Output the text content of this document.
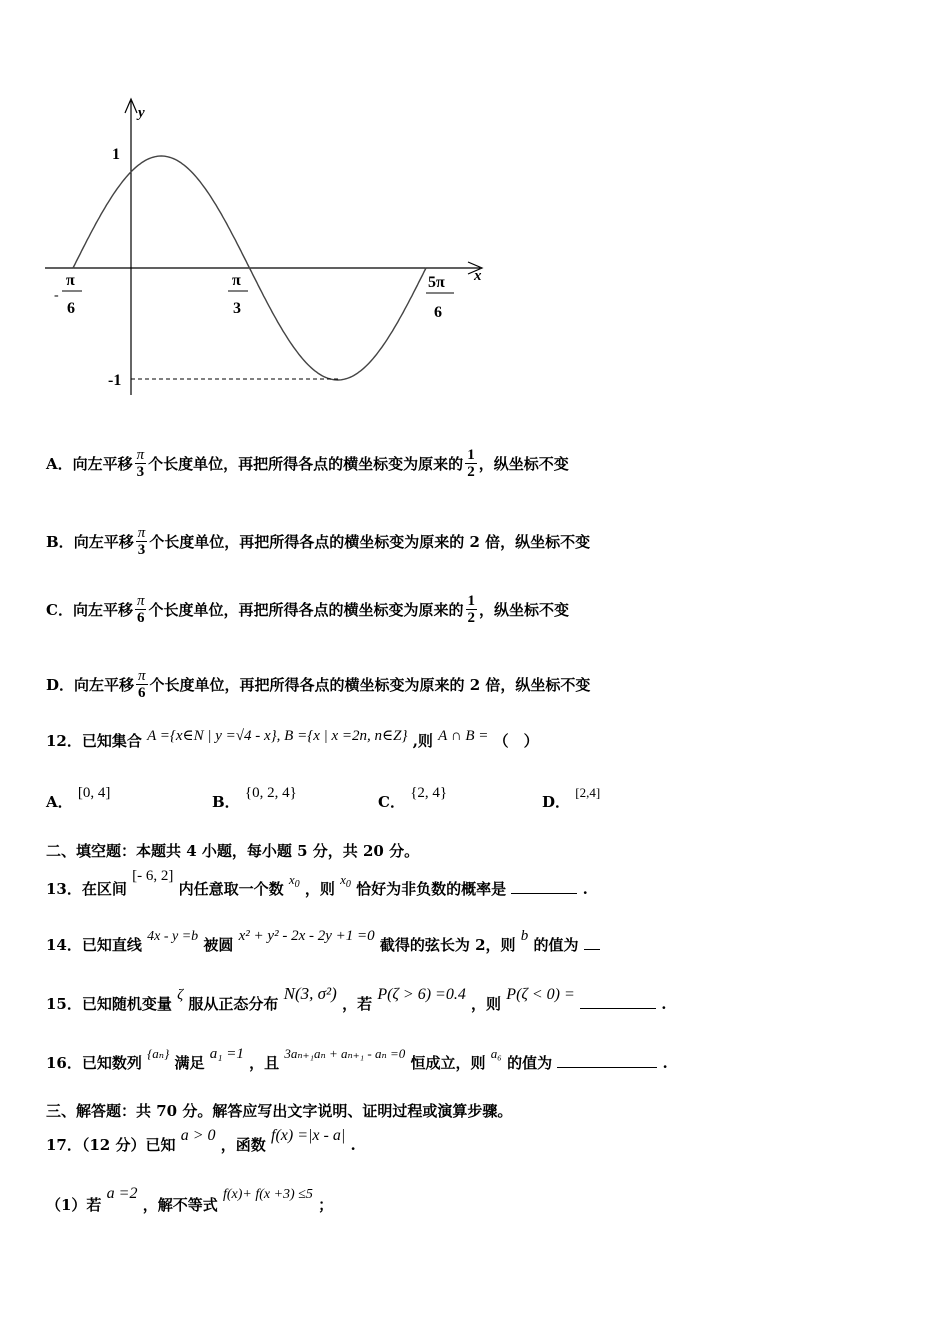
y
x
1
-1
-
π
6
π
3
5π
6
A． 向左平移 $\frac{\pi}{3}$ 个长度单位，再把所得各点的横坐标变为原来的 $\frac{1}{2}$ ，纵坐标不变
B． 向左平移 $\frac{\pi}{3}$ 个长度单位，再把所得各点的横坐标变为原来的 2 倍，纵坐标不变
C． 向左平移 $\frac{\pi}{6}$ 个长度单位，再把所得各点的横坐标变为原来的 $\frac{1}{2}$ ，纵坐标不变
D． 向左平移 $\frac{\pi}{6}$ 个长度单位，再把所得各点的横坐标变为原来的 2 倍，纵坐标不变
12．已知集合 A ={x∈N | y =√4 - x}, B ={x | x =2n, n∈Z} ,则 A ∩ B = （　）
A． [0, 4]	B． {0, 2, 4}	C． {2, 4}	D． [2,4]
二、填空题：本题共 4 小题，每小题 5 分，共 20 分。
13．在区间 [- 6, 2] 内任意取一个数 $x_0$ ，则 $x_0$ 恰好为非负数的概率是	.
14．已知直线 4x - y =b 被圆 x² + y² - 2x - 2y +1 =0 截得的弦长为 2，则 b 的值为
15．已知随机变量 ζ 服从正态分布 N(3, σ²) ，若 P(ζ > 6) =0.4 ，则 P(ζ < 0) =  .
16．已知数列 {aₙ} 满足 a₁ =1 ，且 3aₙ₊₁aₙ + aₙ₊₁ - aₙ =0 恒成立，则 a₆ 的值为	.
三、解答题：共 70 分。解答应写出文字说明、证明过程或演算步骤。
17．（12 分）已知 a > 0 ，函数 f(x) =|x - a| .
（1）若 a =2 ，解不等式 f(x)+ f(x +3) ≤5 ；
